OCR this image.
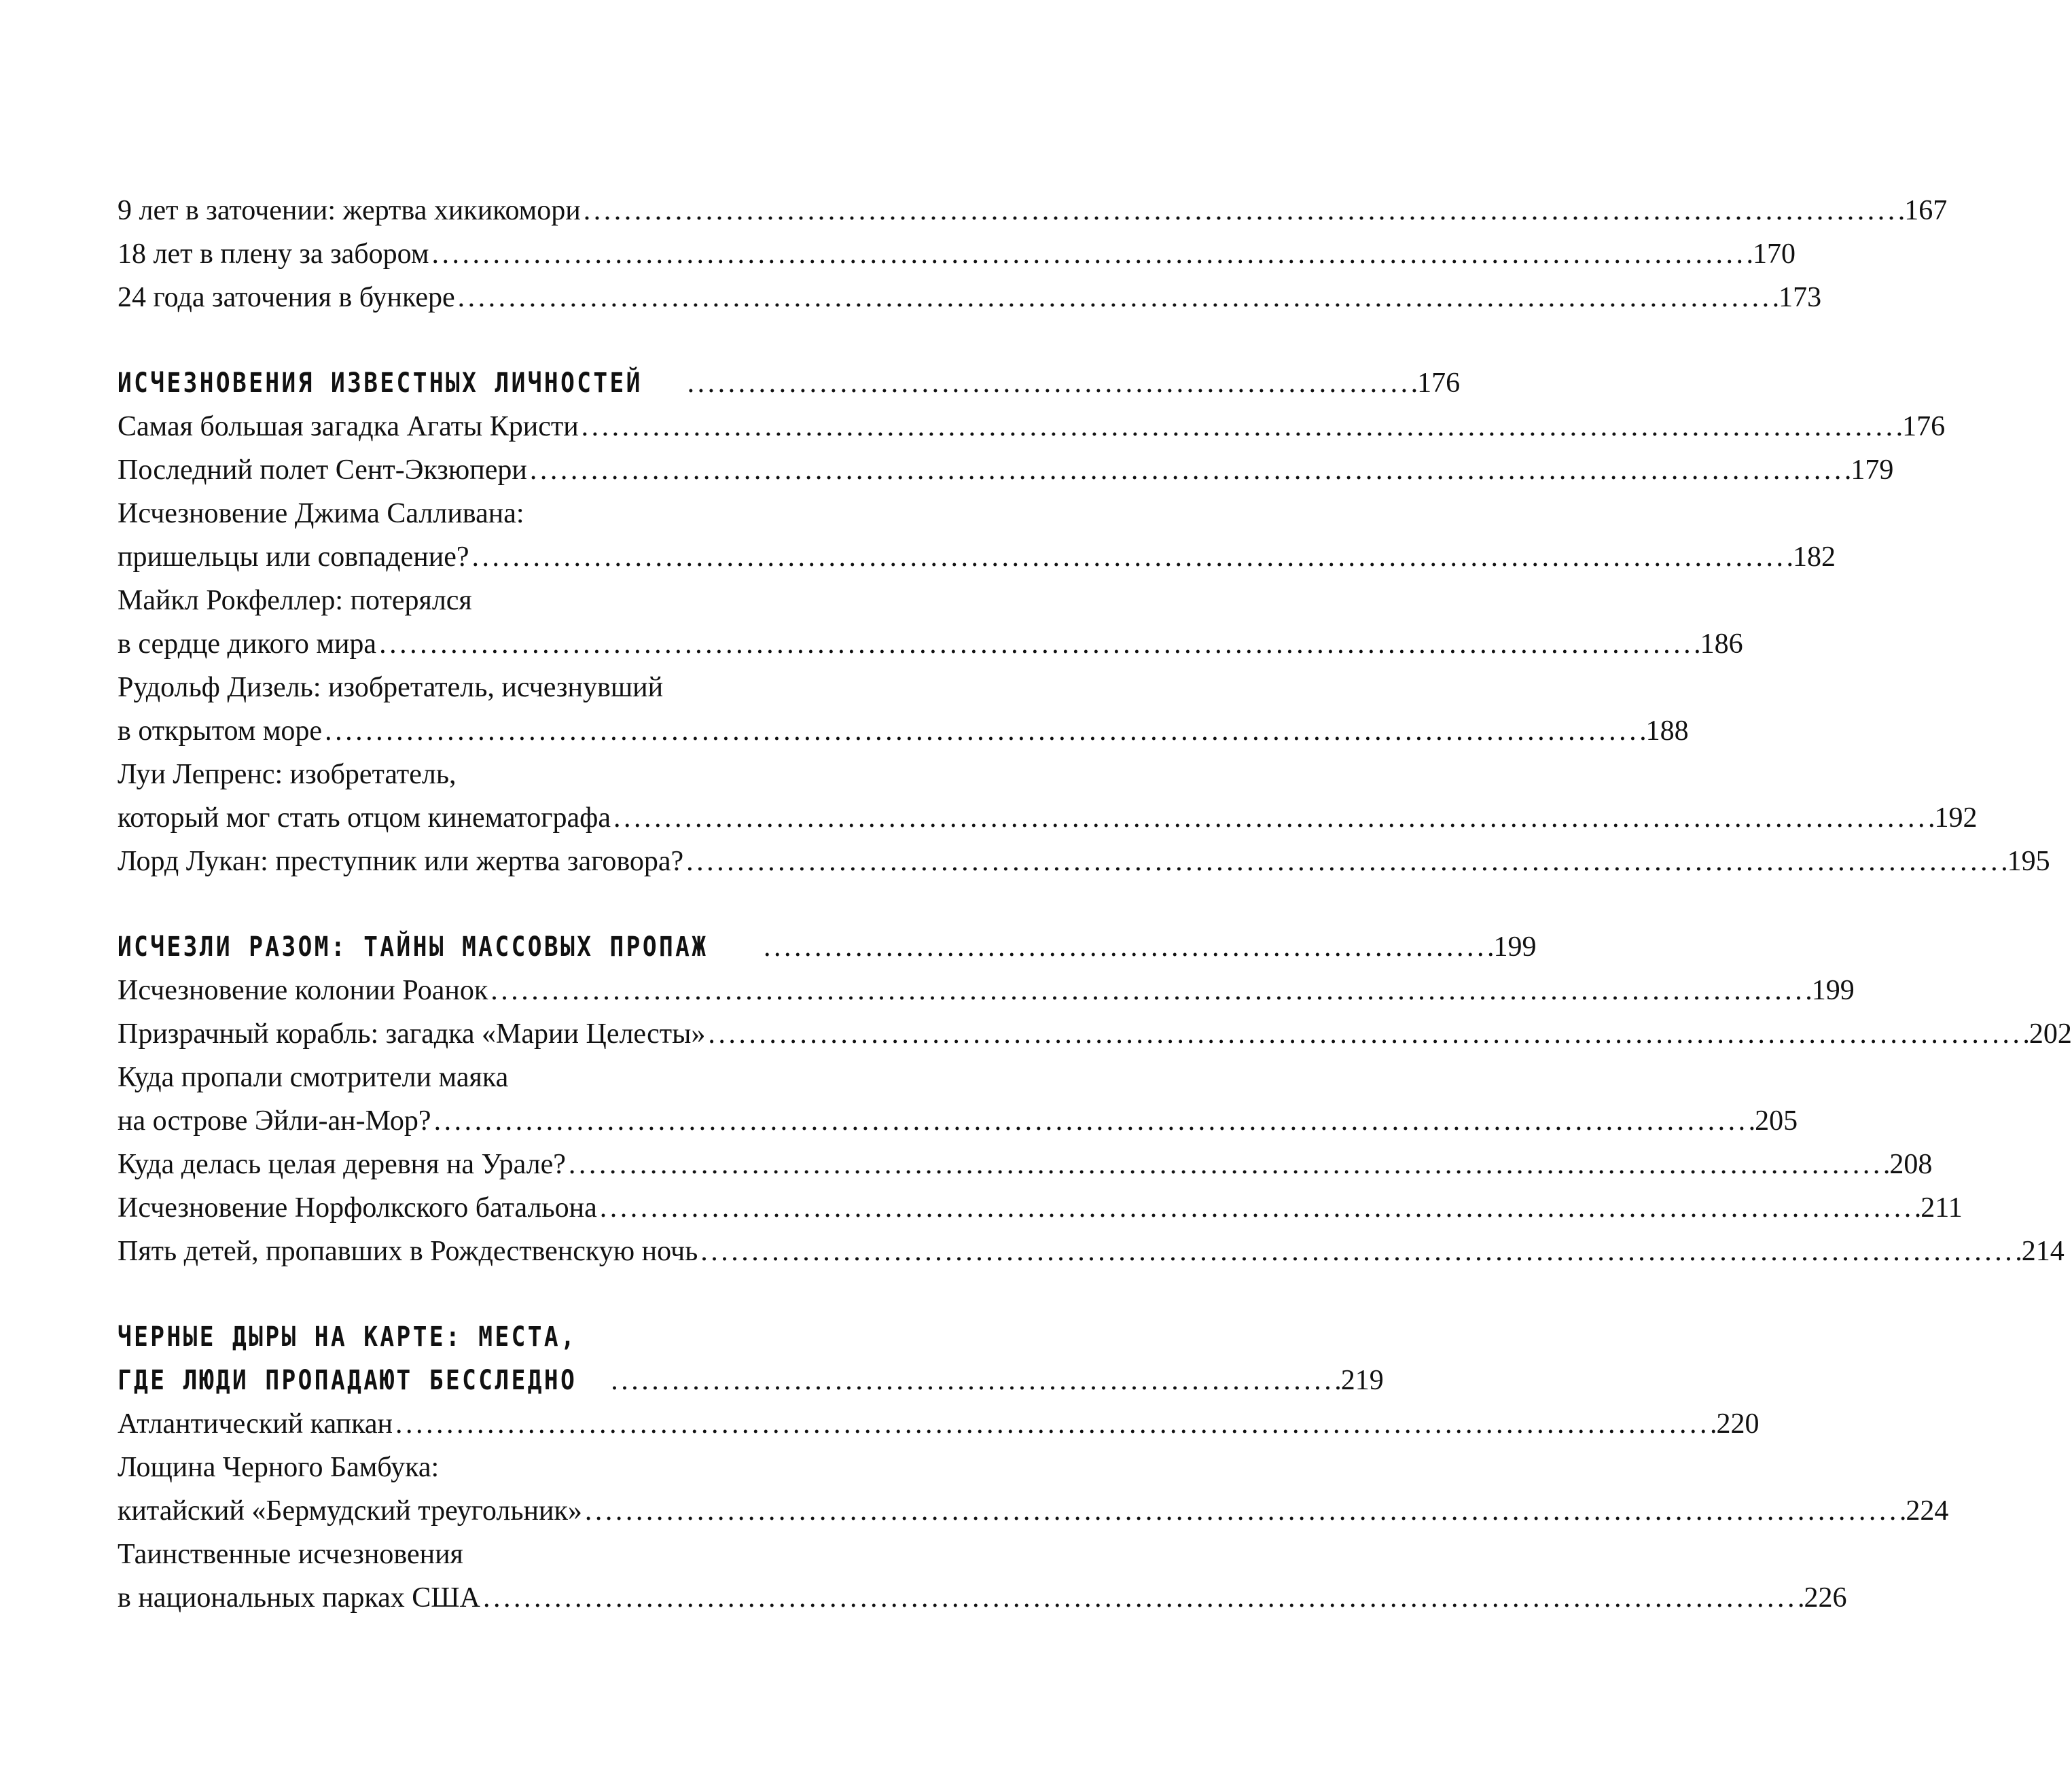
9 лет в заточении: жертва хикикомори . . .	167
18 лет в плену за забором . . .	170
24 года заточения в бункере . . .	173
ИСЧЕЗНОВЕНИЯ ИЗВЕСТНЫХ ЛИЧНОСТЕЙ . . .	176
Самая большая загадка Агаты Кристи . . .	176
Последний полет Сент-Экзюпери . . .	179
Исчезновение Джима Салливана:
пришельцы или совпадение? . . .	182
Майкл Рокфеллер: потерялся
в сердце дикого мира . . .	186
Рудольф Дизель: изобретатель, исчезнувший
в открытом море . . .	188
Луи Лепренс: изобретатель,
который мог стать отцом кинематографа . . .	192
Лорд Лукан: преступник или жертва заговора? . . .	195
ИСЧЕЗЛИ РАЗОМ: ТАЙНЫ МАССОВЫХ ПРОПАЖ . . .	199
Исчезновение колонии Роанок . . .	199
Призрачный корабль: загадка «Марии Целесты» . . .	202
Куда пропали смотрители маяка
на острове Эйли-ан-Мор? . . .	205
Куда делась целая деревня на Урале? . . .	208
Исчезновение Норфолкского батальона . . .	211
Пять детей, пропавших в Рождественскую ночь . . .	214
ЧЕРНЫЕ ДЫРЫ НА КАРТЕ: МЕСТА,
ГДЕ ЛЮДИ ПРОПАДАЮТ БЕССЛЕДНО . . .	219
Атлантический капкан . . .	220
Лощина Черного Бамбука:
китайский «Бермудский треугольник» . . .	224
Таинственные исчезновения
в национальных парках США . . .	226
